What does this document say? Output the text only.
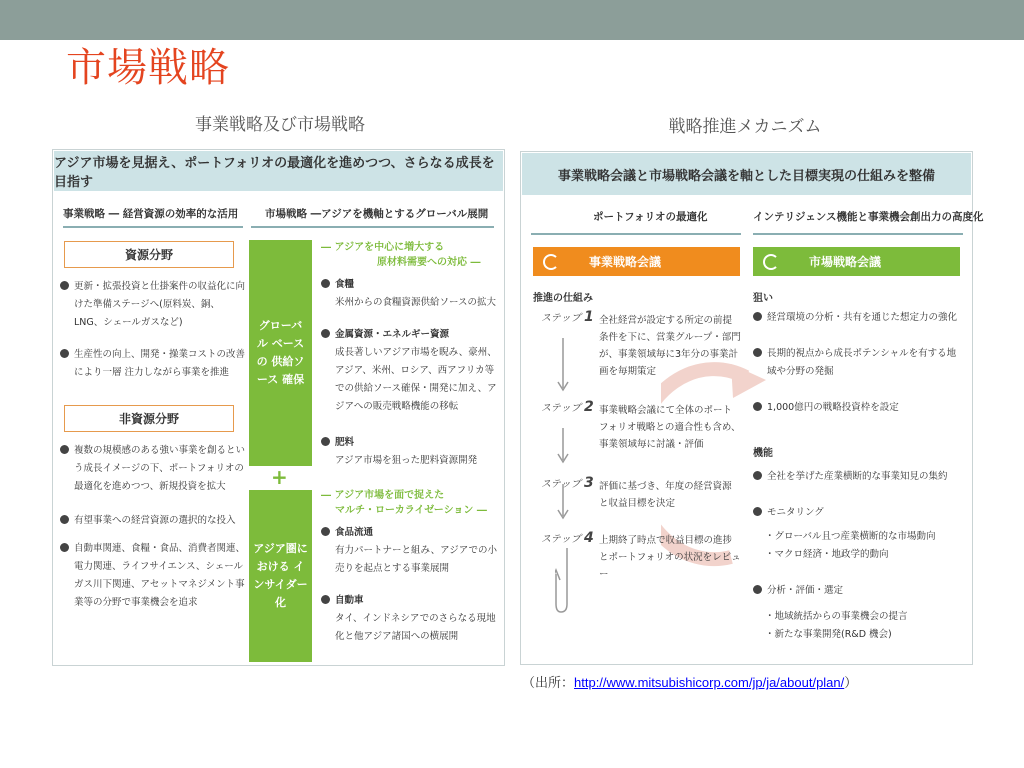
市場戦略
事業戦略及び市場戦略
アジア市場を見据え、ポートフォリオの最適化を進めつつ、さらなる成長を目指す
事業戦略 ― 経営資源の効率的な活用	市場戦略 ―アジアを機軸とするグローバル展開
資源分野
更新・拡張投資と仕掛案件の収益化に向けた準備ステージへ(原料炭、銅、LNG、シェールガスなど)
生産性の向上、開発・操業コストの改善により一層 注力しながら事業を推進
非資源分野
複数の規模感のある強い事業を創るという成長イメージの下、ポートフォリオの最適化を進めつつ、新規投資を拡大
有望事業への経営資源の選択的な投入
自動車関連、食糧・食品、消費者関連、電力関連、ライフサイエンス、シェールガス川下関連、アセットマネジメント事業等の分野で事業機会を追求
グローバル ベースの 供給ソース 確保
― アジアを中心に増大する
原材料需要への対応 ―
食糧
米州からの食糧資源供給ソースの拡大
金属資源・エネルギー資源
成長著しいアジア市場を睨み、豪州、アジア、米州、ロシア、西アフリカ等での供給ソース確保・開発に加え、アジアへの販売戦略機能の移転
肥料
アジア市場を狙った肥料資源開発
+
アジア圏に おける インサイダー化
― アジア市場を面で捉えた
マルチ・ローカライゼーション ―
食品流通
有力パートナーと組み、アジアでの小売りを起点とする事業展開
自動車
タイ、インドネシアでのさらなる現地化と他アジア諸国への横展開
戦略推進メカニズム
事業戦略会議と市場戦略会議を軸とした目標実現の仕組みを整備
ポートフォリオの最適化	インテリジェンス機能と事業機会創出力の高度化
事業戦略会議	市場戦略会議
推進の仕組み
ステップ 1 全社経営が設定する所定の前提条件を下に、営業グループ・部門が、事業領域毎に3年分の事業計画を毎期策定
ステップ 2 事業戦略会議にて全体のポートフォリオ戦略との適合性も含め、事業領域毎に討議・評価
ステップ 3 評価に基づき、年度の経営資源と収益目標を決定
ステップ 4 上期終了時点で収益目標の進捗とポートフォリオの状況をレビュー
狙い
経営環境の分析・共有を通じた想定力の強化
長期的視点から成長ポテンシャルを有する地域や分野の発掘
1,000億円の戦略投資枠を設定
機能
全社を挙げた産業横断的な事業知見の集約
モニタリング
・グローバル且つ産業横断的な市場動向
・マクロ経済・地政学的動向
分析・評価・選定
・地域統括からの事業機会の提言
・新たな事業開発(R&D 機会)
（出所：http://www.mitsubishicorp.com/jp/ja/about/plan/）
